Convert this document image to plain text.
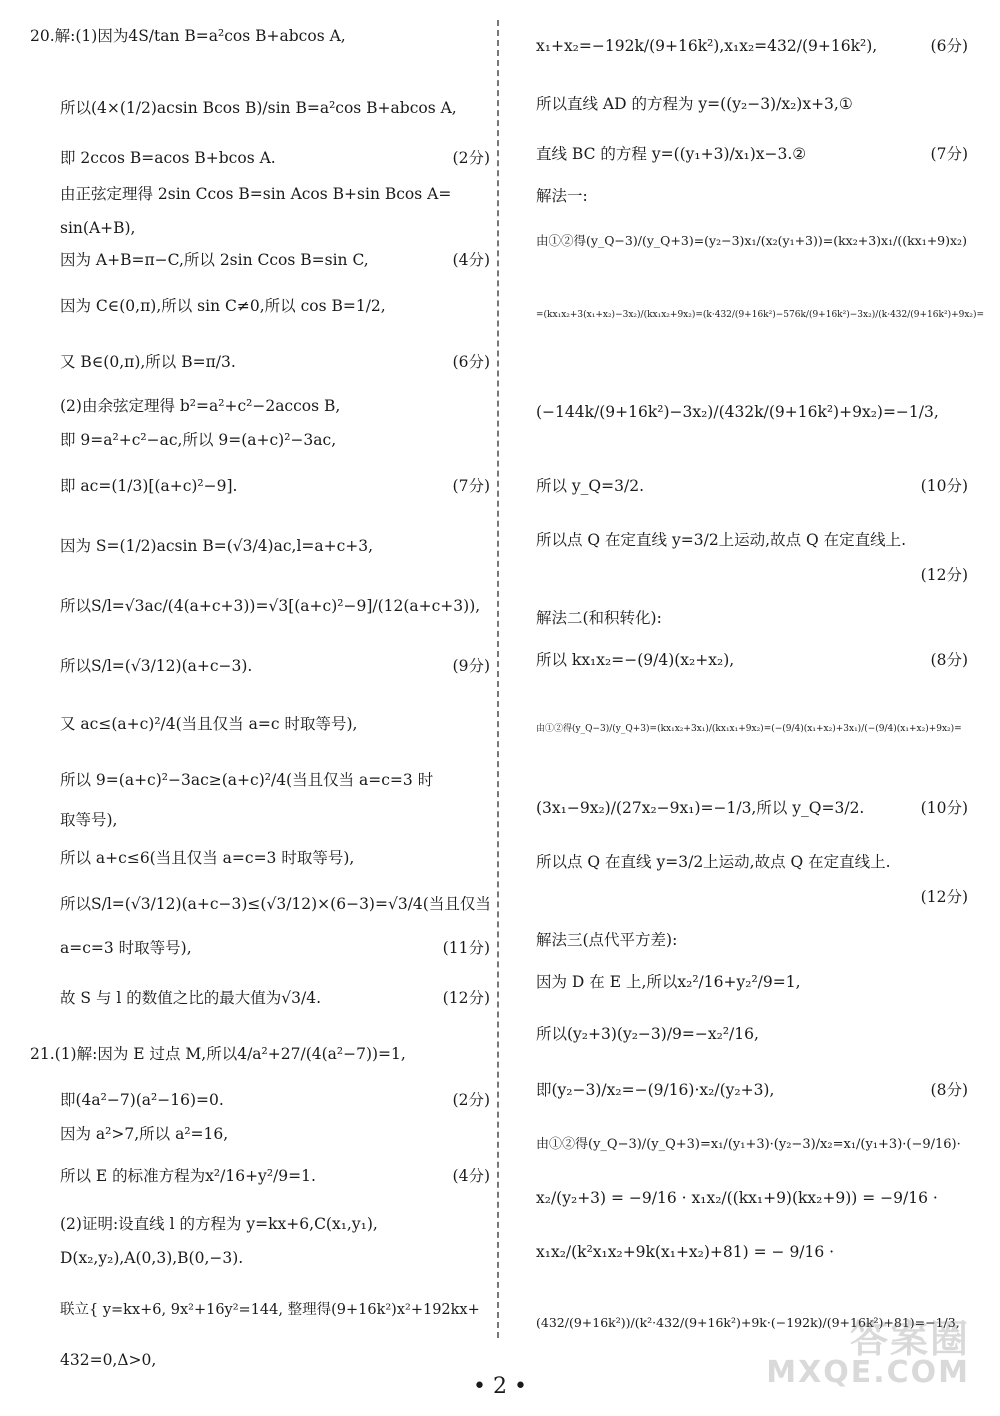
20.解:(1)因为4S/tan B=a²cos B+abcos A,
所以(4×(1/2)acsin Bcos B)/sin B=a²cos B+abcos A,
即 2ccos B=acos B+bcos A.	(2分)
由正弦定理得 2sin Ccos B=sin Acos B+sin Bcos A=
sin(A+B),
因为 A+B=π−C,所以 2sin Ccos B=sin C,	(4分)
因为 C∈(0,π),所以 sin C≠0,所以 cos B=1/2,
又 B∈(0,π),所以 B=π/3.	(6分)
(2)由余弦定理得 b²=a²+c²−2accos B,
即 9=a²+c²−ac,所以 9=(a+c)²−3ac,
即 ac=(1/3)[(a+c)²−9].	(7分)
因为 S=(1/2)acsin B=(√3/4)ac,l=a+c+3,
所以S/l=√3ac/(4(a+c+3))=√3[(a+c)²−9]/(12(a+c+3)),
所以S/l=(√3/12)(a+c−3).	(9分)
又 ac≤(a+c)²/4(当且仅当 a=c 时取等号),
所以 9=(a+c)²−3ac≥(a+c)²/4(当且仅当 a=c=3 时
取等号),
所以 a+c≤6(当且仅当 a=c=3 时取等号),
所以S/l=(√3/12)(a+c−3)≤(√3/12)×(6−3)=√3/4(当且仅当
a=c=3 时取等号),	(11分)
故 S 与 l 的数值之比的最大值为√3/4.	(12分)
21.(1)解:因为 E 过点 M,所以4/a²+27/(4(a²−7))=1,
即(4a²−7)(a²−16)=0.	(2分)
因为 a²>7,所以 a²=16,
所以 E 的标准方程为x²/16+y²/9=1.	(4分)
(2)证明:设直线 l 的方程为 y=kx+6,C(x₁,y₁),
D(x₂,y₂),A(0,3),B(0,−3).
联立{ y=kx+6, 9x²+16y²=144, 整理得(9+16k²)x²+192kx+
432=0,Δ>0,
x₁+x₂=−192k/(9+16k²),x₁x₂=432/(9+16k²),	(6分)
所以直线 AD 的方程为 y=((y₂−3)/x₂)x+3,①
直线 BC 的方程 y=((y₁+3)/x₁)x−3.②	(7分)
解法一:
由①②得(y_Q−3)/(y_Q+3)=(y₂−3)x₁/(x₂(y₁+3))=(kx₂+3)x₁/((kx₁+9)x₂)
=(kx₁x₂+3(x₁+x₂)−3x₂)/(kx₁x₂+9x₂)=(k·432/(9+16k²)−576k/(9+16k²)−3x₂)/(k·432/(9+16k²)+9x₂)=
(−144k/(9+16k²)−3x₂)/(432k/(9+16k²)+9x₂)=−1/3,
所以 y_Q=3/2.	(10分)
所以点 Q 在定直线 y=3/2上运动,故点 Q 在定直线上.
(12分)
解法二(和积转化):
所以 kx₁x₂=−(9/4)(x₂+x₂),	(8分)
由①②得(y_Q−3)/(y_Q+3)=(kx₁x₂+3x₁)/(kx₁x₁+9x₂)=(−(9/4)(x₁+x₂)+3x₁)/(−(9/4)(x₁+x₂)+9x₂)=
(3x₁−9x₂)/(27x₂−9x₁)=−1/3,所以 y_Q=3/2.	(10分)
所以点 Q 在直线 y=3/2上运动,故点 Q 在定直线上.
(12分)
解法三(点代平方差):
因为 D 在 E 上,所以x₂²/16+y₂²/9=1,
所以(y₂+3)(y₂−3)/9=−x₂²/16,
即(y₂−3)/x₂=−(9/16)·x₂/(y₂+3),	(8分)
由①②得(y_Q−3)/(y_Q+3)=x₁/(y₁+3)·(y₂−3)/x₂=x₁/(y₁+3)·(−9/16)·
x₂/(y₂+3) = −9/16 · x₁x₂/((kx₁+9)(kx₂+9)) = −9/16 ·
x₁x₂/(k²x₁x₂+9k(x₁+x₂)+81) = − 9/16 ·
(432/(9+16k²))/(k²·432/(9+16k²)+9k·(−192k)/(9+16k²)+81)=−1/3,
• 2 •
答案圈
MXQE.COM
